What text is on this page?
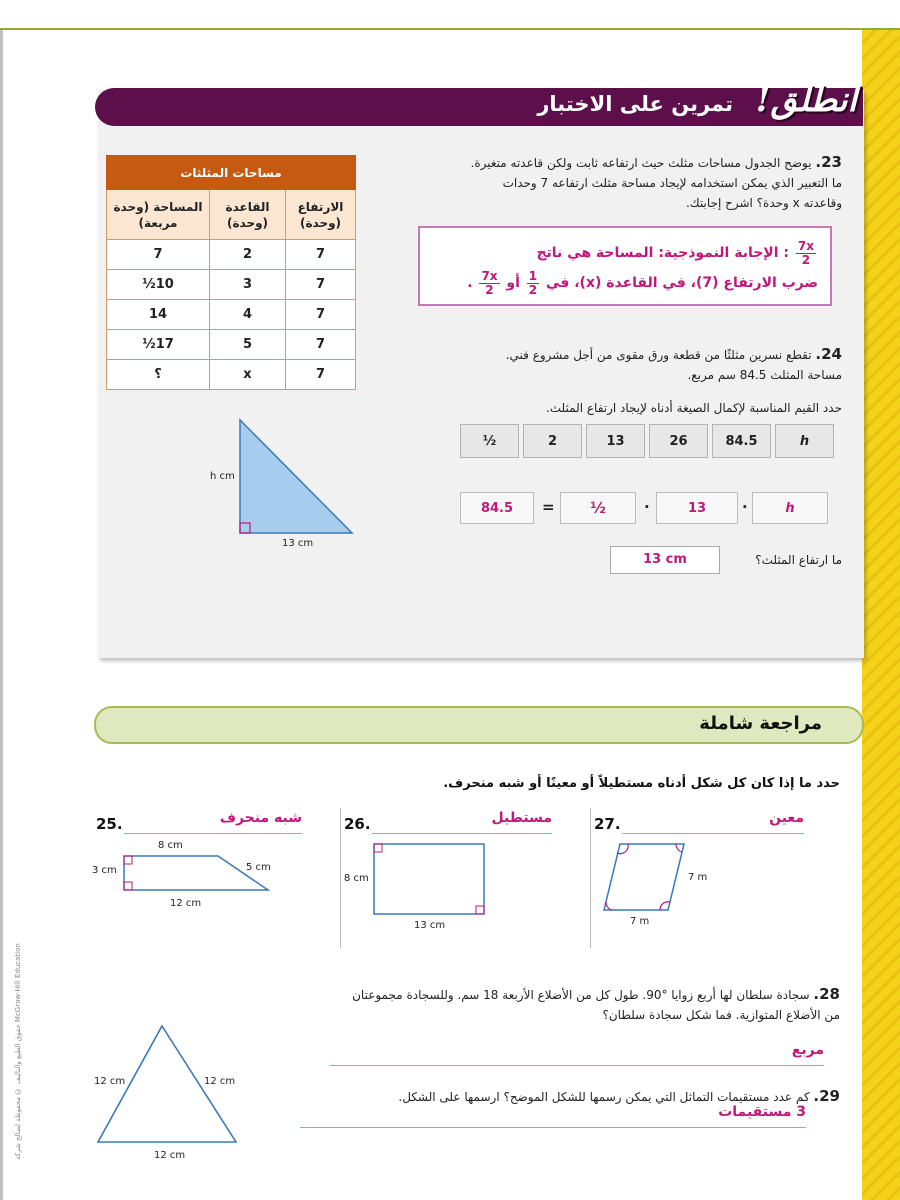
حقوق الطبع والتأليف © محفوظة لصالح شركة McGraw-Hill Education
انطلق!
تمرين على الاختبار
23. يوضح الجدول مساحات مثلث حيث ارتفاعه ثابت ولكن قاعدته متغيرة.
ما التعبير الذي يمكن استخدامه لإيجاد مساحة مثلث ارتفاعه 7 وحدات
وقاعدته x وحدة؟ اشرح إجابتك.
$\frac{7x}{2}$
: الإجابة النموذجية: المساحة هي ناتج
ضرب الارتفاع (7)، في القاعدة (x)، في
$\frac{1}{2}$
أو
$\frac{7x}{2}$
.
مساحات المثلثات		
الارتفاع (وحدة)	القاعدة (وحدة)	المساحة (وحدة مربعة)
7	2	7
7	3	10½
7	4	14
7	5	17½
7	x	؟
h cm
13 cm
24. تقطع نسرين مثلثًا من قطعة ورق مقوى من أجل مشروع فني.
مساحة المثلث 84.5 سم مربع.
حدد القيم المناسبة لإكمال الصيغة أدناه لإيجاد ارتفاع المثلث.
½	2	13	26	84.5	h
84.5	=	½	·	13	·	h
ما ارتفاع المثلث؟
13 cm
مراجعة شاملة
حدد ما إذا كان كل شكل أدناه مستطيلاً أو معينًا أو شبه منحرف.
25.	شبه منحرف
8 cm
3 cm	5 cm
12 cm
26.	مستطيل
8 cm
13 cm
27.	معين
7 m
7 m
28. سجادة سلطان لها أربع زوايا °90. طول كل من الأضلاع الأربعة 18 سم. وللسجادة مجموعتان
من الأضلاع المتوازية. فما شكل سجادة سلطان؟
مربع
29. كم عدد مستقيمات التماثل التي يمكن رسمها للشكل الموضح؟ ارسمها على الشكل.
3 مستقيمات
12 cm	12 cm
12 cm
